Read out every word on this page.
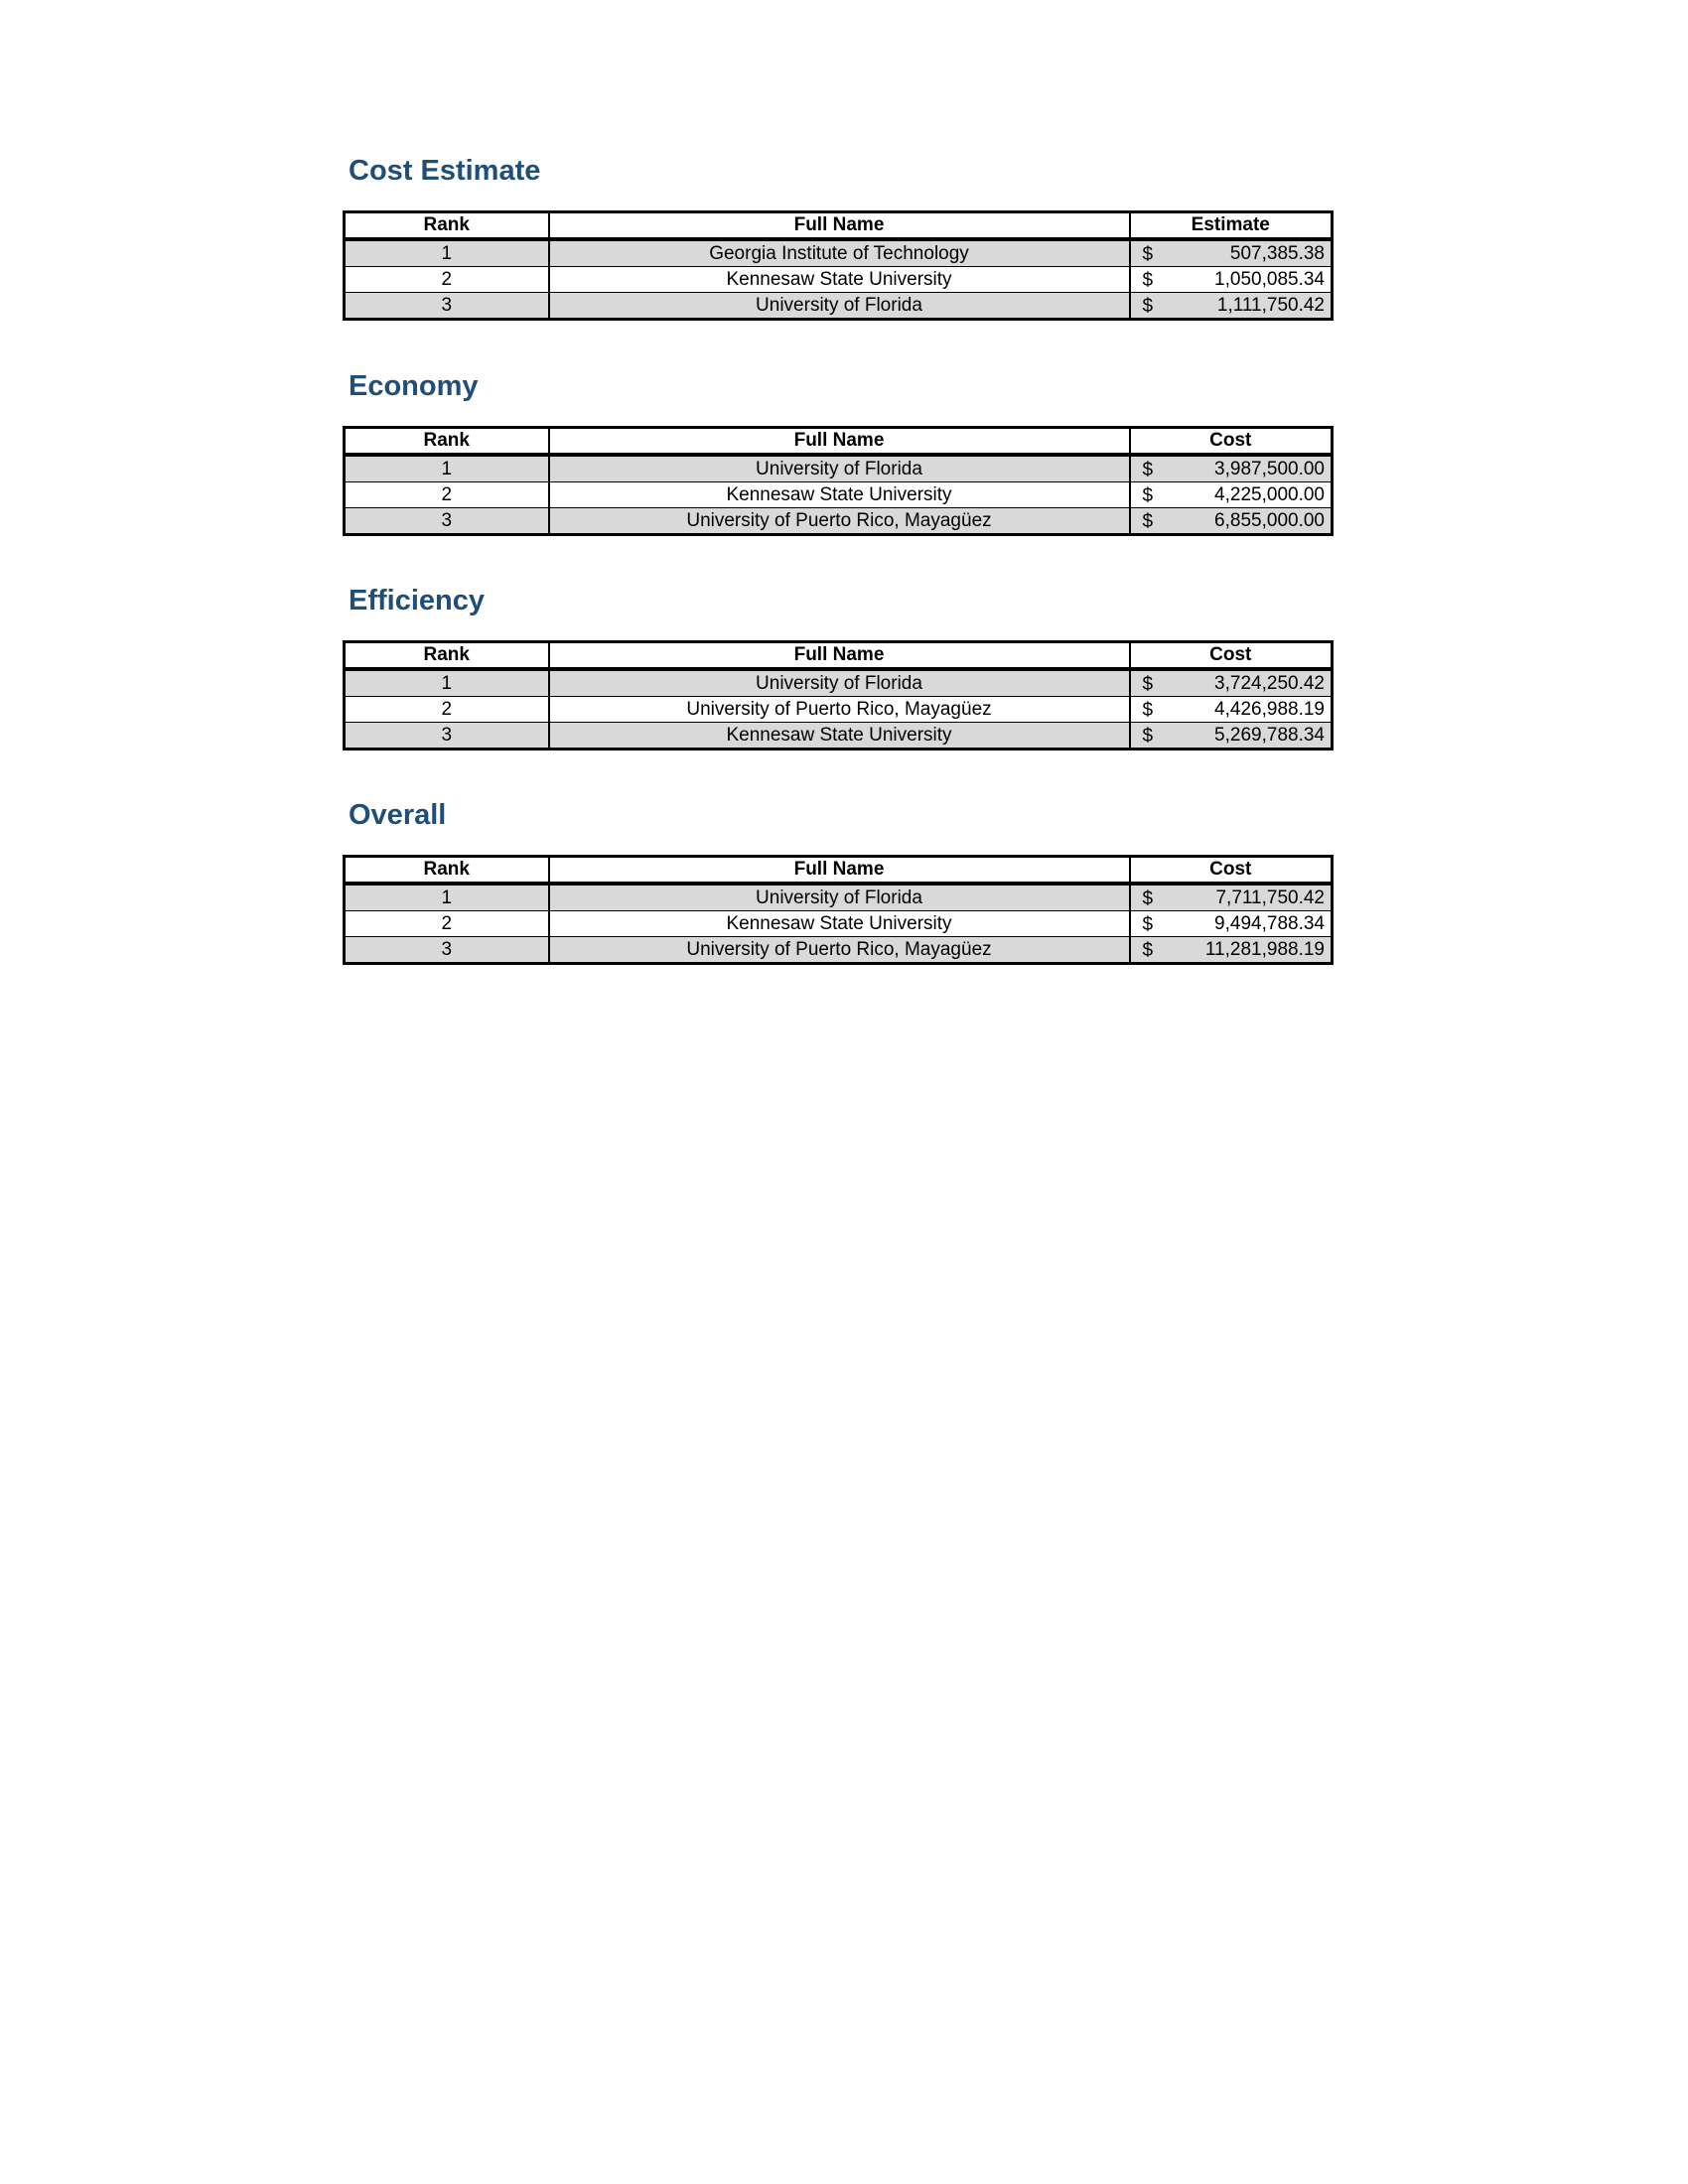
Cost Estimate
Rank	Full Name	Estimate
1	Georgia Institute of Technology	$ 507,385.38
2	Kennesaw State University	$ 1,050,085.34
3	University of Florida	$ 1,111,750.42
Economy
Rank	Full Name	Cost
1	University of Florida	$ 3,987,500.00
2	Kennesaw State University	$ 4,225,000.00
3	University of Puerto Rico, Mayagüez	$ 6,855,000.00
Efficiency
Rank	Full Name	Cost
1	University of Florida	$ 3,724,250.42
2	University of Puerto Rico, Mayagüez	$ 4,426,988.19
3	Kennesaw State University	$ 5,269,788.34
Overall
Rank	Full Name	Cost
1	University of Florida	$ 7,711,750.42
2	Kennesaw State University	$ 9,494,788.34
3	University of Puerto Rico, Mayagüez	$ 11,281,988.19
